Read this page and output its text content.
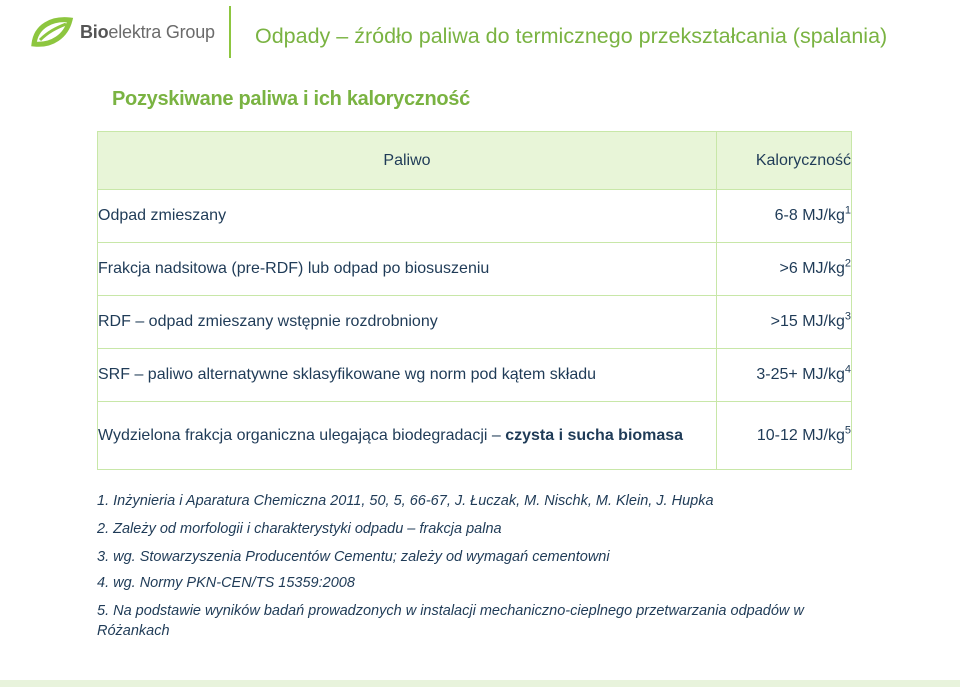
Bioelektra Group Odpady – źródło paliwa do termicznego przekształcania (spalania)
Pozyskiwane paliwa i ich kaloryczność
Paliwo	Kaloryczność
Odpad zmieszany	6-8 $MJ/kg^1$
Frakcja nadsitowa (pre-RDF) lub odpad po biosuszeniu	>6 $MJ/kg^2$
RDF – odpad zmieszany wstępnie rozdrobniony	>15 $MJ/kg^3$
SRF – paliwo alternatywne sklasyfikowane wg norm pod kątem składu	$3-25+ MJ/kg^4$
Wydzielona frakcja organiczna ulegająca biodegradacji – czysta i sucha biomasa	10-12 $MJ/kg^5$
1. Inżynieria i Aparatura Chemiczna 2011, 50, 5, 66-67, J. Łuczak, M. Nischk, M. Klein, J. Hupka
2. Zależy od morfologii i charakterystyki odpadu – frakcja palna
3. wg. Stowarzyszenia Producentów Cementu; zależy od wymagań cementowni
4. wg. Normy PKN-CEN/TS 15359:2008
5. Na podstawie wyników badań prowadzonych w instalacji mechaniczno-cieplnego przetwarzania odpadów w Różankach
